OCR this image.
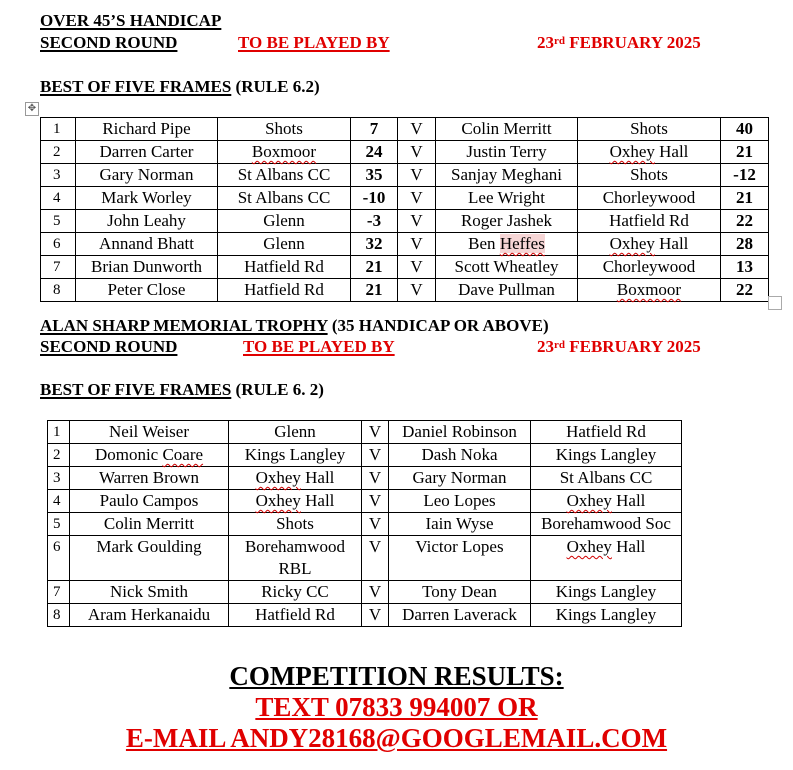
OVER 45’S HANDICAP
SECOND ROUND	TO BE PLAYED BY	23rd FEBRUARY 2025
BEST OF FIVE FRAMES (RULE 6.2)
✥
1	Richard Pipe	Shots	7	V	Colin Merritt	Shots	40
2	Darren Carter	Boxmoor	24	V	Justin Terry	Oxhey Hall	21
3	Gary Norman	St Albans CC	35	V	Sanjay Meghani	Shots	-12
4	Mark Worley	St Albans CC	-10	V	Lee Wright	Chorleywood	21
5	John Leahy	Glenn	-3	V	Roger Jashek	Hatfield Rd	22
6	Annand Bhatt	Glenn	32	V	Ben Heffes	Oxhey Hall	28
7	Brian Dunworth	Hatfield Rd	21	V	Scott Wheatley	Chorleywood	13
8	Peter Close	Hatfield Rd	21	V	Dave Pullman	Boxmoor	22
ALAN SHARP MEMORIAL TROPHY (35 HANDICAP OR ABOVE)
SECOND ROUND	TO BE PLAYED BY	23rd FEBRUARY 2025
BEST OF FIVE FRAMES (RULE 6. 2)
1	Neil Weiser	Glenn	V	Daniel Robinson	Hatfield Rd
2	Domonic Coare	Kings Langley	V	Dash Noka	Kings Langley
3	Warren Brown	Oxhey Hall	V	Gary Norman	St Albans CC
4	Paulo Campos	Oxhey Hall	V	Leo Lopes	Oxhey Hall
5	Colin Merritt	Shots	V	Iain Wyse	Borehamwood Soc
6	Mark Goulding	Borehamwood RBL	V	Victor Lopes	Oxhey Hall
7	Nick Smith	Ricky CC	V	Tony Dean	Kings Langley
8	Aram Herkanaidu	Hatfield Rd	V	Darren Laverack	Kings Langley
COMPETITION RESULTS:
TEXT 07833 994007 OR
E-MAIL ANDY28168@GOOGLEMAIL.COM
